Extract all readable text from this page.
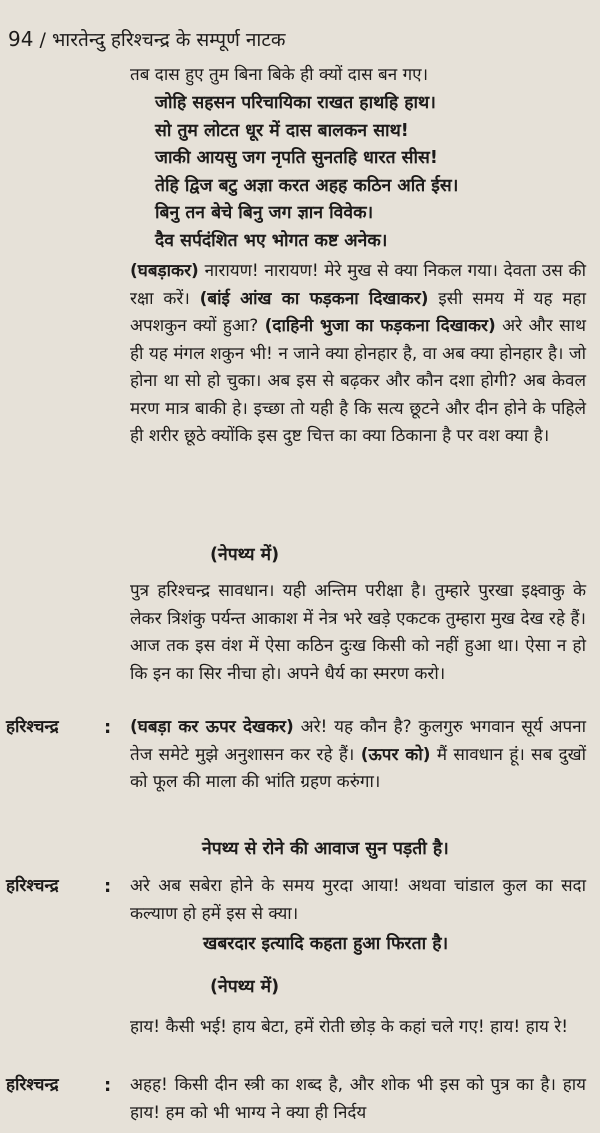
94 / भारतेन्दु हरिश्चन्द्र के सम्पूर्ण नाटक

तब दास हुए तुम बिना बिके ही क्यों दास बन गए।

जोहि सहसन परिचायिका राखत हाथहि हाथ।
सो तुम लोटत धूर में दास बालकन साथ!
जाकी आयसु जग नृपति सुनतहि धारत सीस!
तेहि द्विज बटु अज्ञा करत अहह कठिन अति ईस।
बिनु तन बेचे बिनु जग ज्ञान विवेक।
दैव सर्पदंशित भए भोगत कष्ट अनेक।

(घबड़ाकर) नारायण! नारायण! मेरे मुख से क्या निकल गया। देवता उस की रक्षा करें। (बांई आंख का फड़कना दिखाकर) इसी समय में यह महा अपशकुन क्यों हुआ? (दाहिनी भुजा का फड़कना दिखाकर) अरे और साथ ही यह मंगल शकुन भी! न जाने क्या होनहार है, वा अब क्या होनहार है। जो होना था सो हो चुका। अब इस से बढ़कर और कौन दशा होगी? अब केवल मरण मात्र बाकी हे। इच्छा तो यही है कि सत्य छूटने और दीन होने के पहिले ही शरीर छूठे क्योंकि इस दुष्ट चित्त का क्या ठिकाना है पर वश क्या है।

(नेपथ्य में)

पुत्र हरिश्चन्द्र सावधान। यही अन्तिम परीक्षा है। तुम्हारे पुरखा इक्ष्वाकु के लेकर त्रिशंकु पर्यन्त आकाश में नेत्र भरे खड़े एकटक तुम्हारा मुख देख रहे हैं। आज तक इस वंश में ऐसा कठिन दुःख किसी को नहीं हुआ था। ऐसा न हो कि इन का सिर नीचा हो। अपने धैर्य का स्मरण करो।

हरिश्चन्द्र	: (घबड़ा कर ऊपर देखकर) अरे! यह कौन है? कुलगुरु भगवान सूर्य अपना तेज समेटे मुझे अनुशासन कर रहे हैं। (ऊपर को) मैं सावधान हूं। सब दुखों को फूल की माला की भांति ग्रहण करुंगा।

नेपथ्य से रोने की आवाज सुन पड़ती है।
हरिश्चन्द्र	: अरे अब सबेरा होने के समय मुरदा आया! अथवा चांडाल कुल का सदा कल्याण हो हमें इस से क्या।

खबरदार इत्यादि कहता हुआ फिरता है।
(नेपथ्य में)

हाय! कैसी भई! हाय बेटा, हमें रोती छोड़ के कहां चले गए! हाय! हाय रे!

हरिश्चन्द्र	: अहह! किसी दीन स्त्री का शब्द है, और शोक भी इस को पुत्र का है। हाय हाय! हम को भी भाग्य ने क्या ही निर्दय
